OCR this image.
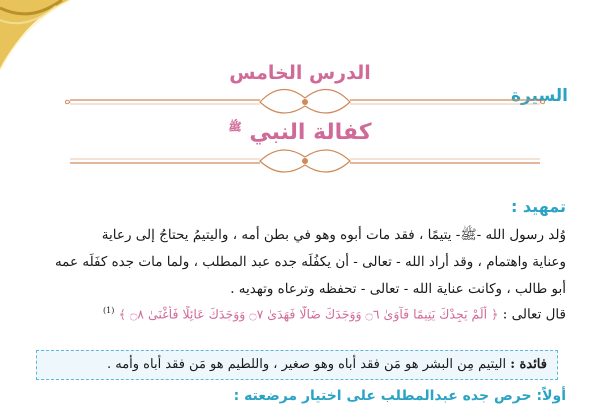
الدرس الخامس
السيرة
كفالة النبي $^ﷺ$
تمهيد :

وُلد رسول الله -ﷺ- يتيمًا ، فقد مات أبوه وهو في بطن أمه ، واليتيمُ يحتاجُ إلى رعاية

وعناية واهتمام ، وقد أراد الله - تعالى - أن يكفُلَه جده عبد المطلب ، ولما مات جده كفَلَه عمه

أبو طالب ، وكانت عناية الله - تعالى - تحفظه وترعاه وتهديه .

قال تعالى : ﴿ أَلَمْ يَجِدْكَ يَتِيمًا فَآوَىٰ ۝٦ وَوَجَدَكَ ضَالًّا فَهَدَىٰ ۝٧ وَوَجَدَكَ عَائِلًا فَأَغْنَىٰ ۝٨ ﴾ $^{(1)}$
فائدة : اليتيم مِن البشر هو مَن فقد أباه وهو صغير ، واللطيم هو مَن فقد أباه وأمه .
أولاً: حرص جده عبدالمطلب على اختيار مرضعته :
